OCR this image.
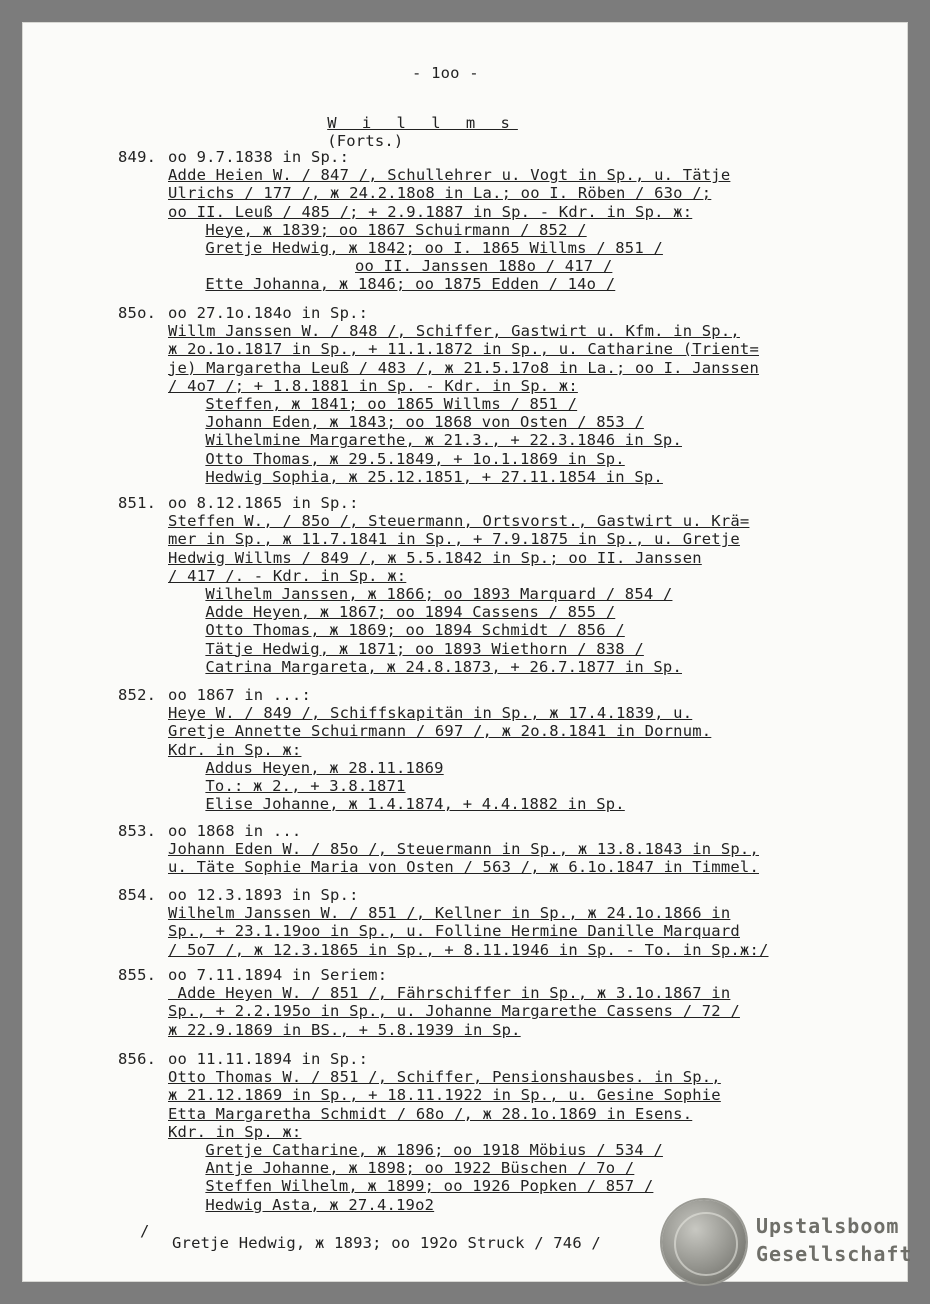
- 1oo -

W i l l m s
(Forts.)

849. oo 9.7.1838 in Sp.:
Adde Heien W. / 847 /, Schullehrer u. Vogt in Sp., u. Tätje
Ulrichs / 177 /, ж 24.2.18o8 in La.; oo I. Röben / 63o /;
oo II. Leuß / 485 /; + 2.9.1887 in Sp. - Kdr. in Sp. ж:
Heye, ж 1839; oo 1867 Schuirmann / 852 /
Gretje Hedwig, ж 1842; oo I. 1865 Willms / 851 /
oo II. Janssen 188o / 417 /
Ette Johanna, ж 1846; oo 1875 Edden / 14o /
85o. oo 27.1o.184o in Sp.:
Willm Janssen W. / 848 /, Schiffer, Gastwirt u. Kfm. in Sp.,
ж 2o.1o.1817 in Sp., + 11.1.1872 in Sp., u. Catharine (Trient=
je) Margaretha Leuß / 483 /, ж 21.5.17o8 in La.; oo I. Janssen
/ 4o7 /; + 1.8.1881 in Sp. - Kdr. in Sp. ж:
Steffen, ж 1841; oo 1865 Willms / 851 /
Johann Eden, ж 1843; oo 1868 von Osten / 853 /
Wilhelmine Margarethe, ж 21.3., + 22.3.1846 in Sp.
Otto Thomas, ж 29.5.1849, + 1o.1.1869 in Sp.
Hedwig Sophia, ж 25.12.1851, + 27.11.1854 in Sp.
851. oo 8.12.1865 in Sp.:
Steffen W., / 85o /, Steuermann, Ortsvorst., Gastwirt u. Krä=
mer in Sp., ж 11.7.1841 in Sp., + 7.9.1875 in Sp., u. Gretje
Hedwig Willms / 849 /, ж 5.5.1842 in Sp.; oo II. Janssen
/ 417 /. - Kdr. in Sp. ж:
Wilhelm Janssen, ж 1866; oo 1893 Marquard / 854 /
Adde Heyen, ж 1867; oo 1894 Cassens / 855 /
Otto Thomas, ж 1869; oo 1894 Schmidt / 856 /
Tätje Hedwig, ж 1871; oo 1893 Wiethorn / 838 /
Catrina Margareta, ж 24.8.1873, + 26.7.1877 in Sp.
852. oo 1867 in ...:
Heye W. / 849 /, Schiffskapitän in Sp., ж 17.4.1839, u.
Gretje Annette Schuirmann / 697 /, ж 2o.8.1841 in Dornum.
Kdr. in Sp. ж:
Addus Heyen, ж 28.11.1869
To.: ж 2., + 3.8.1871
Elise Johanne, ж 1.4.1874, + 4.4.1882 in Sp.
853. oo 1868 in ...
Johann Eden W. / 85o /, Steuermann in Sp., ж 13.8.1843 in Sp.,
u. Täte Sophie Maria von Osten / 563 /, ж 6.1o.1847 in Timmel.
854. oo 12.3.1893 in Sp.:
Wilhelm Janssen W. / 851 /, Kellner in Sp., ж 24.1o.1866 in
Sp., + 23.1.19oo in Sp., u. Folline Hermine Danille Marquard
/ 5o7 /, ж 12.3.1865 in Sp., + 8.11.1946 in Sp. - To. in Sp.ж:/
855. oo 7.11.1894 in Seriem:
Adde Heyen W. / 851 /, Fährschiffer in Sp., ж 3.1o.1867 in
Sp., + 2.2.195o in Sp., u. Johanne Margarethe Cassens / 72 /
ж 22.9.1869 in BS., + 5.8.1939 in Sp.
856. oo 11.11.1894 in Sp.:
Otto Thomas W. / 851 /, Schiffer, Pensionshausbes. in Sp.,
ж 21.12.1869 in Sp., + 18.11.1922 in Sp., u. Gesine Sophie
Etta Margaretha Schmidt / 68o /, ж 28.1o.1869 in Esens.
Kdr. in Sp. ж:
Gretje Catharine, ж 1896; oo 1918 Möbius / 534 /
Antje Johanne, ж 1898; oo 1922 Büschen / 7o /
Steffen Wilhelm, ж 1899; oo 1926 Popken / 857 /
Hedwig Asta, ж 27.4.19o2
/
Gretje Hedwig, ж 1893; oo 192o Struck / 746 /
Upstalsboom
Gesellschaft
